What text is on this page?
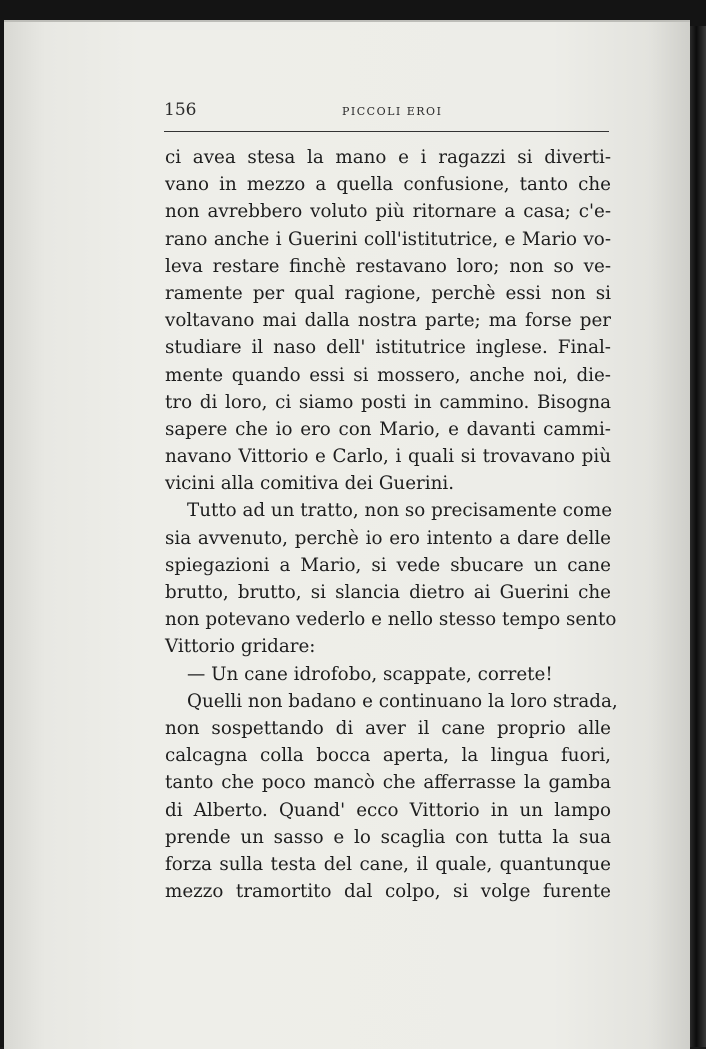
156	PICCOLI EROI
ci avea stesa la mano e i ragazzi si diverti-
vano in mezzo a quella confusione, tanto che
non avrebbero voluto più ritornare a casa; c'e-
rano anche i Guerini coll'istitutrice, e Mario vo-
leva restare finchè restavano loro; non so ve-
ramente per qual ragione, perchè essi non si
voltavano mai dalla nostra parte; ma forse per
studiare il naso dell' istitutrice inglese. Final-
mente quando essi si mossero, anche noi, die-
tro di loro, ci siamo posti in cammino. Bisogna
sapere che io ero con Mario, e davanti cammi-
navano Vittorio e Carlo, i quali si trovavano più
vicini alla comitiva dei Guerini.
Tutto ad un tratto, non so precisamente come
sia avvenuto, perchè io ero intento a dare delle
spiegazioni a Mario, si vede sbucare un cane
brutto, brutto, si slancia dietro ai Guerini che
non potevano vederlo e nello stesso tempo sento
Vittorio gridare:
— Un cane idrofobo, scappate, correte!
Quelli non badano e continuano la loro strada,
non sospettando di aver il cane proprio alle
calcagna colla bocca aperta, la lingua fuori,
tanto che poco mancò che afferrasse la gamba
di Alberto. Quand' ecco Vittorio in un lampo
prende un sasso e lo scaglia con tutta la sua
forza sulla testa del cane, il quale, quantunque
mezzo tramortito dal colpo, si volge furente
